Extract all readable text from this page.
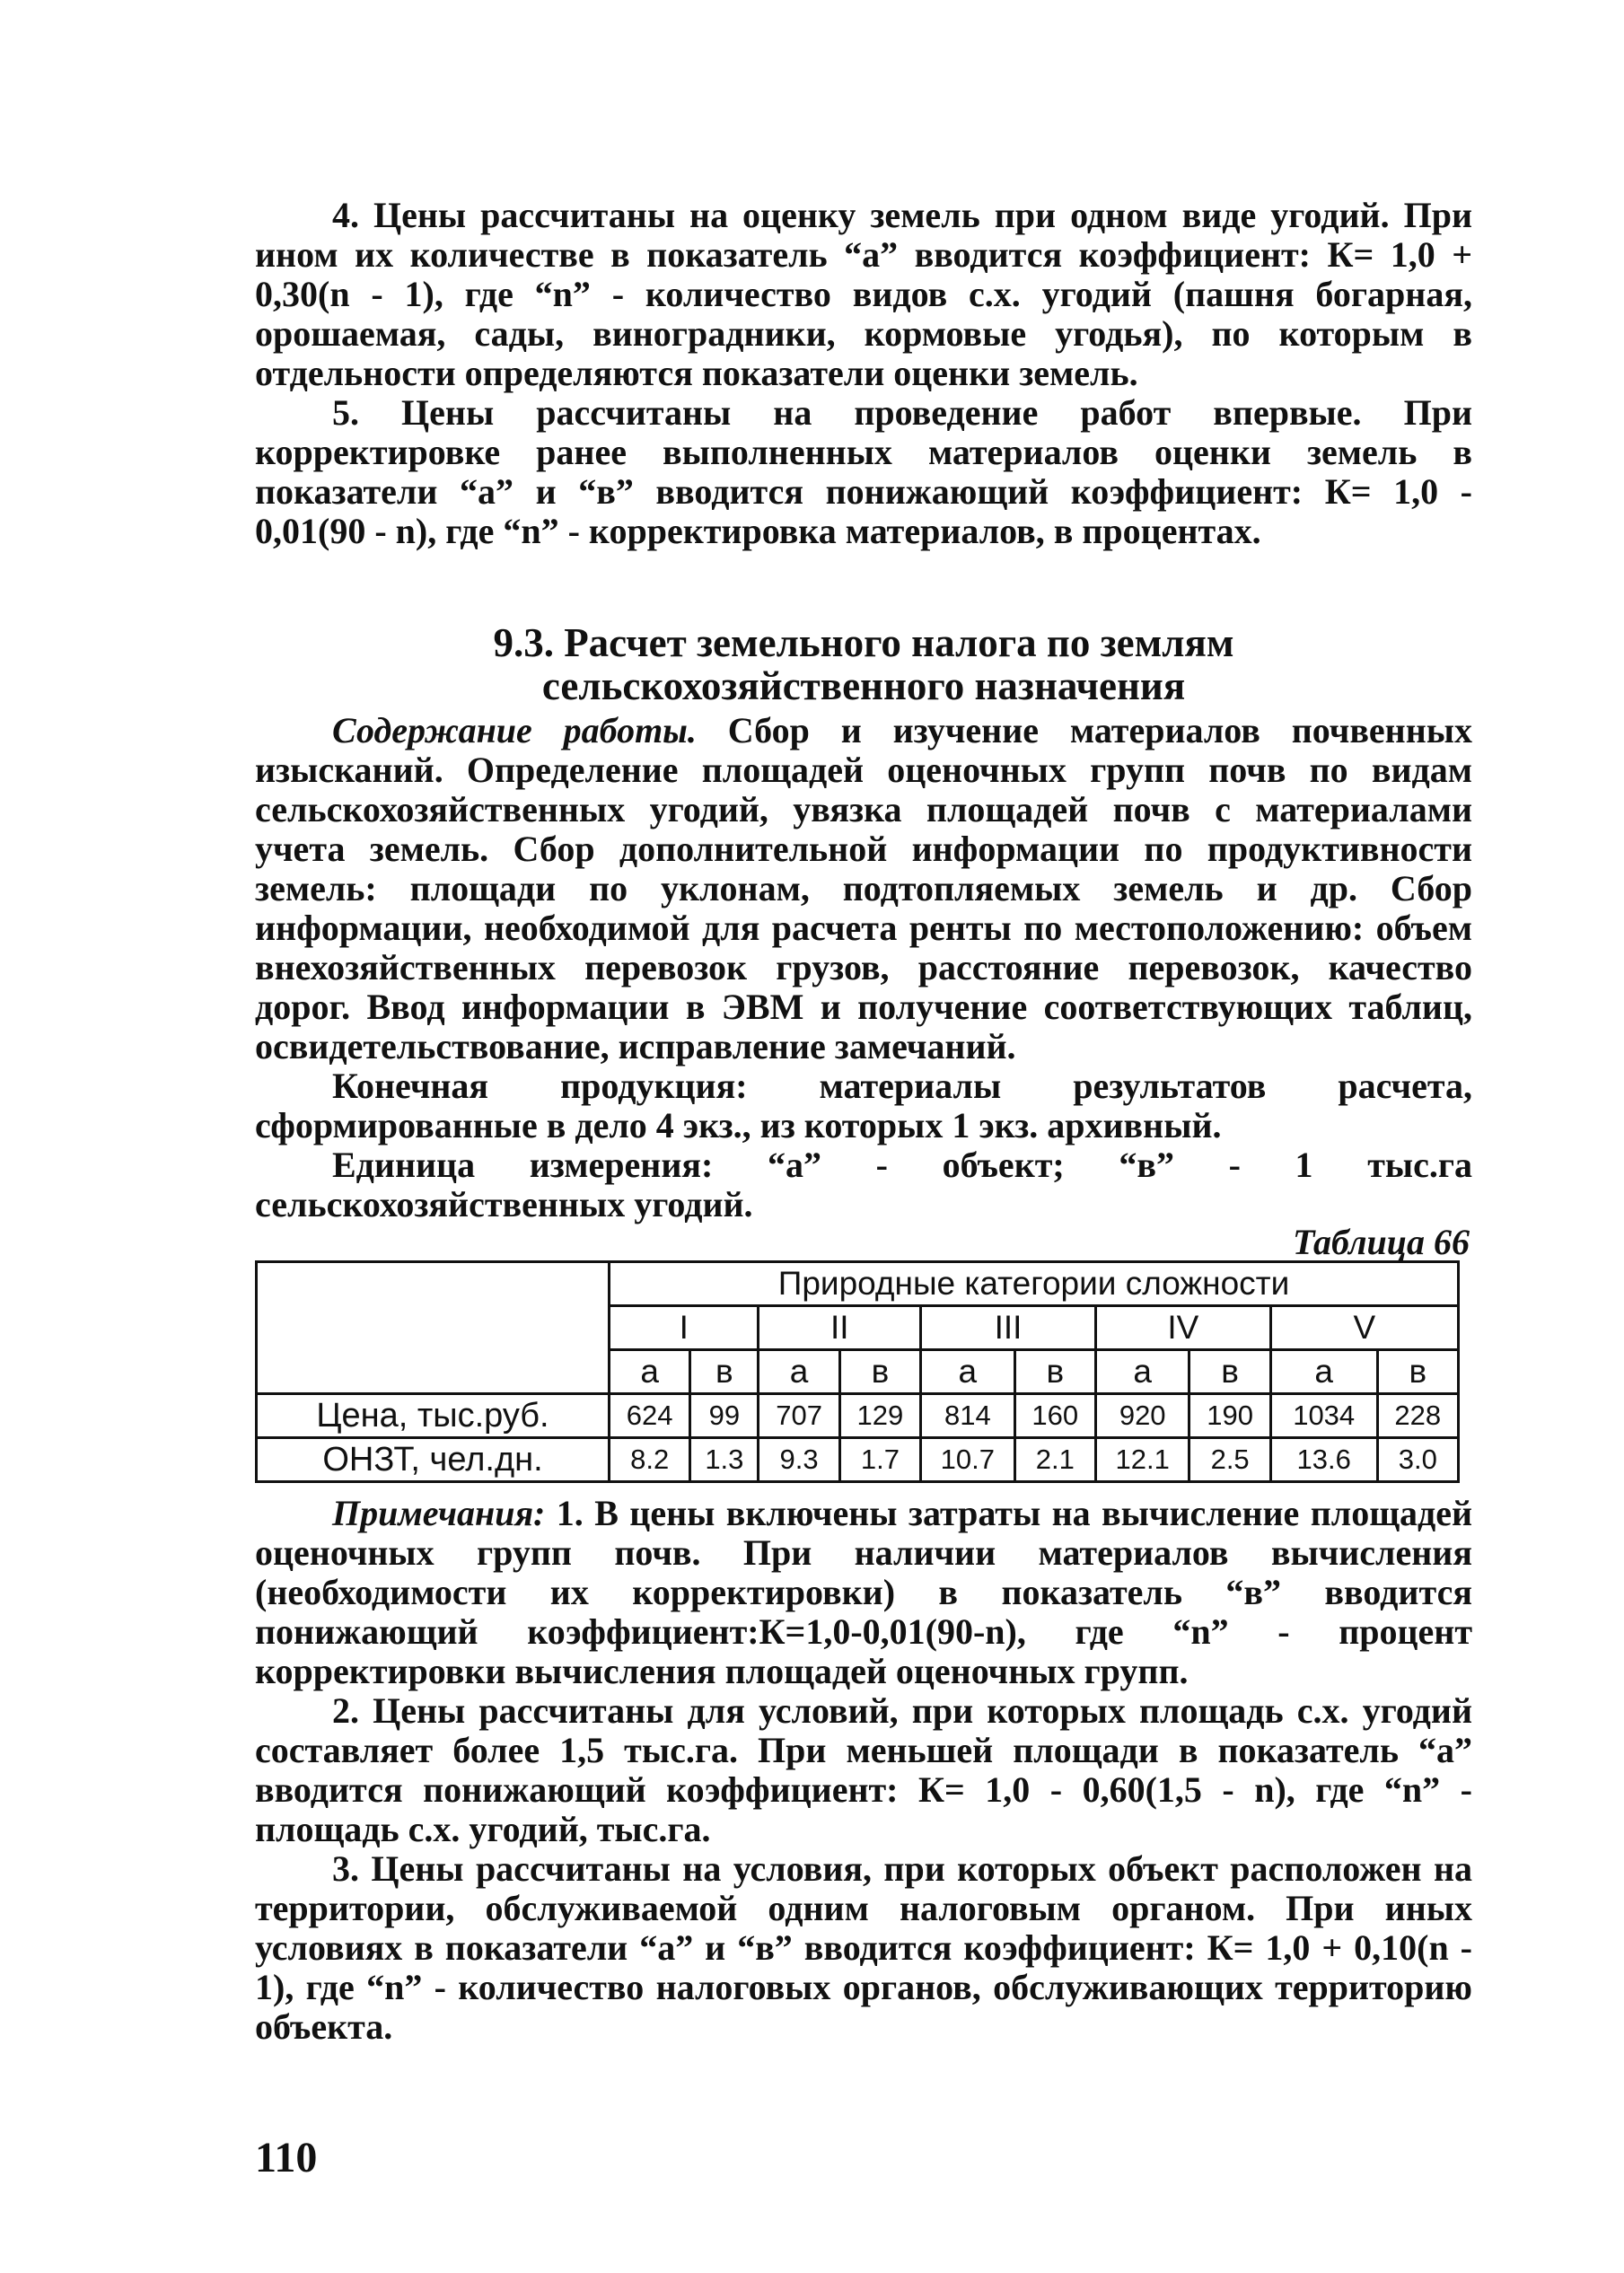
4. Цены рассчитаны на оценку земель при одном виде угодий. При ином их количестве в показатель “а” вводится коэффициент: К= 1,0 + 0,30(n - 1), где “n” - количество видов с.х. угодий (пашня богарная, орошаемая, сады, виноградники, кормовые угодья), по которым в отдельности определяются показатели оценки земель.

5. Цены рассчитаны на проведение работ впервые. При корректировке ранее выполненных материалов оценки земель в показатели “а” и “в” вводится понижающий коэффициент: К= 1,0 - 0,01(90 - n), где “n” - корректировка материалов, в процентах.

9.3. Расчет земельного налога по землям
сельскохозяйственного назначения

Содержание работы. Сбор и изучение материалов почвенных изысканий. Определение площадей оценочных групп почв по видам сельскохозяйственных угодий, увязка площадей почв с материалами учета земель. Сбор дополнительной информации по продуктивности земель: площади по уклонам, подтопляемых земель и др. Сбор информации, необходимой для расчета ренты по местоположению: объем внехозяйственных перевозок грузов, расстояние перевозок, качество дорог. Ввод информации в ЭВМ и получение соответствующих таблиц, освидетельствование, исправление замечаний.

Конечная продукция: материалы результатов расчета, сформированные в дело 4 экз., из которых 1 экз. архивный.

Единица измерения: “а” - объект; “в” - 1 тыс.га сельскохозяйственных угодий.

Таблица 66
	Природные категории сложности									
	I		II		III		IV		V	
	а	в	а	в	а	в	а	в	а	в
Цена, тыс.руб.	624	99	707	129	814	160	920	190	1034	228
ОНЗТ, чел.дн.	8.2	1.3	9.3	1.7	10.7	2.1	12.1	2.5	13.6	3.0

Примечания: 1. В цены включены затраты на вычисление площадей оценочных групп почв. При наличии материалов вычисления (необходимости их корректировки) в показатель “в” вводится понижающий коэффициент:К=1,0-0,01(90-n), где “n” - процент корректировки вычисления площадей оценочных групп.

2. Цены рассчитаны для условий, при которых площадь с.х. угодий составляет более 1,5 тыс.га. При меньшей площади в показатель “а” вводится понижающий коэффициент: К= 1,0 - 0,60(1,5 - n), где “n” - площадь с.х. угодий, тыс.га.

3. Цены рассчитаны на условия, при которых объект расположен на территории, обслуживаемой одним налоговым органом. При иных условиях в показатели “а” и “в” вводится коэффициент: К= 1,0 + 0,10(n - 1), где “n” - количество налоговых органов, обслуживающих территорию объекта.

110
